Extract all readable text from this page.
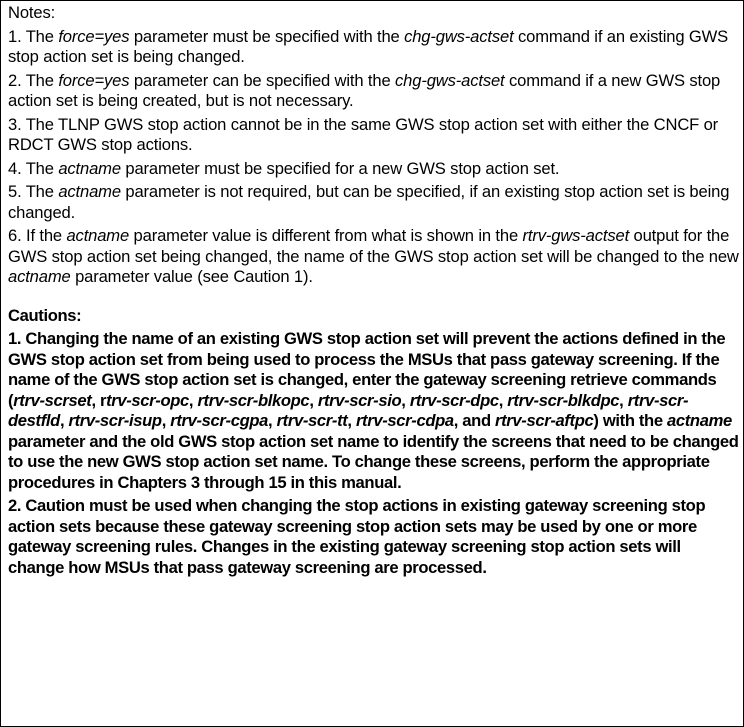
Notes:
1. The force=yes parameter must be specified with the chg-gws-actset command if an existing GWS stop action set is being changed.
2. The force=yes parameter can be specified with the chg-gws-actset command if a new GWS stop action set is being created, but is not necessary.
3. The TLNP GWS stop action cannot be in the same GWS stop action set with either the CNCF or RDCT GWS stop actions.
4. The actname parameter must be specified for a new GWS stop action set.
5. The actname parameter is not required, but can be specified, if an existing stop action set is being changed.
6. If the actname parameter value is different from what is shown in the rtrv-gws-actset output for the GWS stop action set being changed, the name of the GWS stop action set will be changed to the new actname parameter value (see Caution 1).
Cautions:
1. Changing the name of an existing GWS stop action set will prevent the actions defined in the GWS stop action set from being used to process the MSUs that pass gateway screening. If the name of the GWS stop action set is changed, enter the gateway screening retrieve commands (rtrv-scrset, rtrv-scr-opc, rtrv-scr-blkopc, rtrv-scr-sio, rtrv-scr-dpc, rtrv-scr-blkdpc, rtrv-scr-destfld, rtrv-scr-isup, rtrv-scr-cgpa, rtrv-scr-tt, rtrv-scr-cdpa, and rtrv-scr-aftpc) with the actname parameter and the old GWS stop action set name to identify the screens that need to be changed to use the new GWS stop action set name. To change these screens, perform the appropriate procedures in Chapters 3 through 15 in this manual.
2. Caution must be used when changing the stop actions in existing gateway screening stop action sets because these gateway screening stop action sets may be used by one or more gateway screening rules. Changes in the existing gateway screening stop action sets will change how MSUs that pass gateway screening are processed.
